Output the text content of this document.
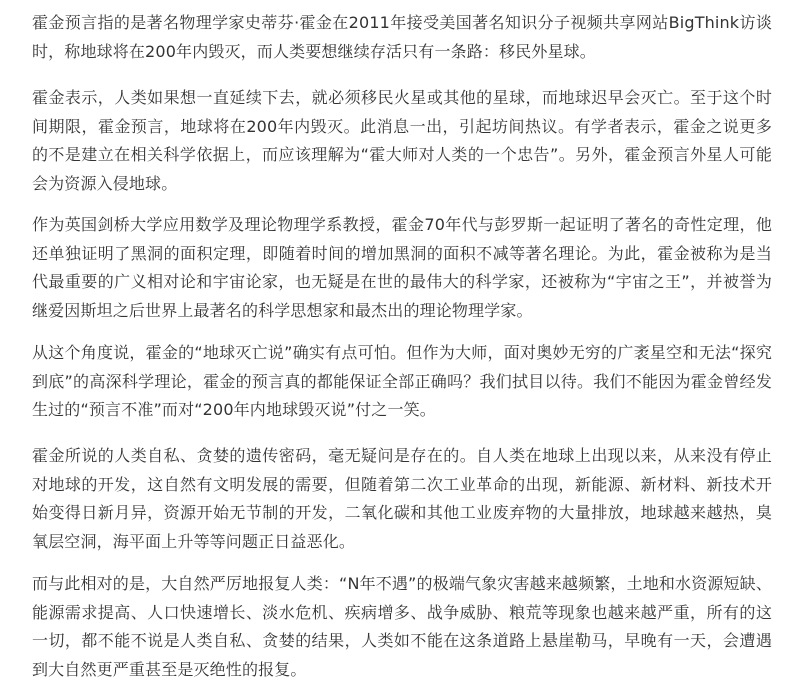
霍金预言指的是著名物理学家史蒂芬·霍金在2011年接受美国著名知识分子视频共享网站BigThink访谈时，称地球将在200年内毁灭，而人类要想继续存活只有一条路：移民外星球。

霍金表示，人类如果想一直延续下去，就必须移民火星或其他的星球，而地球迟早会灭亡。至于这个时间期限，霍金预言，地球将在200年内毁灭。此消息一出，引起坊间热议。有学者表示，霍金之说更多的不是建立在相关科学依据上，而应该理解为“霍大师对人类的一个忠告”。另外，霍金预言外星人可能会为资源入侵地球。

作为英国剑桥大学应用数学及理论物理学系教授，霍金70年代与彭罗斯一起证明了著名的奇性定理，他还单独证明了黑洞的面积定理，即随着时间的增加黑洞的面积不减等著名理论。为此，霍金被称为是当代最重要的广义相对论和宇宙论家，也无疑是在世的最伟大的科学家，还被称为“宇宙之王”，并被誉为继爱因斯坦之后世界上最著名的科学思想家和最杰出的理论物理学家。

从这个角度说，霍金的“地球灭亡说”确实有点可怕。但作为大师，面对奥妙无穷的广袤星空和无法“探究到底”的高深科学理论，霍金的预言真的都能保证全部正确吗？我们拭目以待。我们不能因为霍金曾经发生过的“预言不准”而对“200年内地球毁灭说”付之一笑。

霍金所说的人类自私、贪婪的遗传密码，毫无疑问是存在的。自人类在地球上出现以来，从来没有停止对地球的开发，这自然有文明发展的需要，但随着第二次工业革命的出现，新能源、新材料、新技术开始变得日新月异，资源开始无节制的开发，二氧化碳和其他工业废弃物的大量排放，地球越来越热，臭氧层空洞，海平面上升等等问题正日益恶化。

而与此相对的是，大自然严厉地报复人类：“N年不遇”的极端气象灾害越来越频繁，土地和水资源短缺、能源需求提高、人口快速增长、淡水危机、疾病增多、战争威胁、粮荒等现象也越来越严重，所有的这一切，都不能不说是人类自私、贪婪的结果，人类如不能在这条道路上悬崖勒马，早晚有一天，会遭遇到大自然更严重甚至是灭绝性的报复。
